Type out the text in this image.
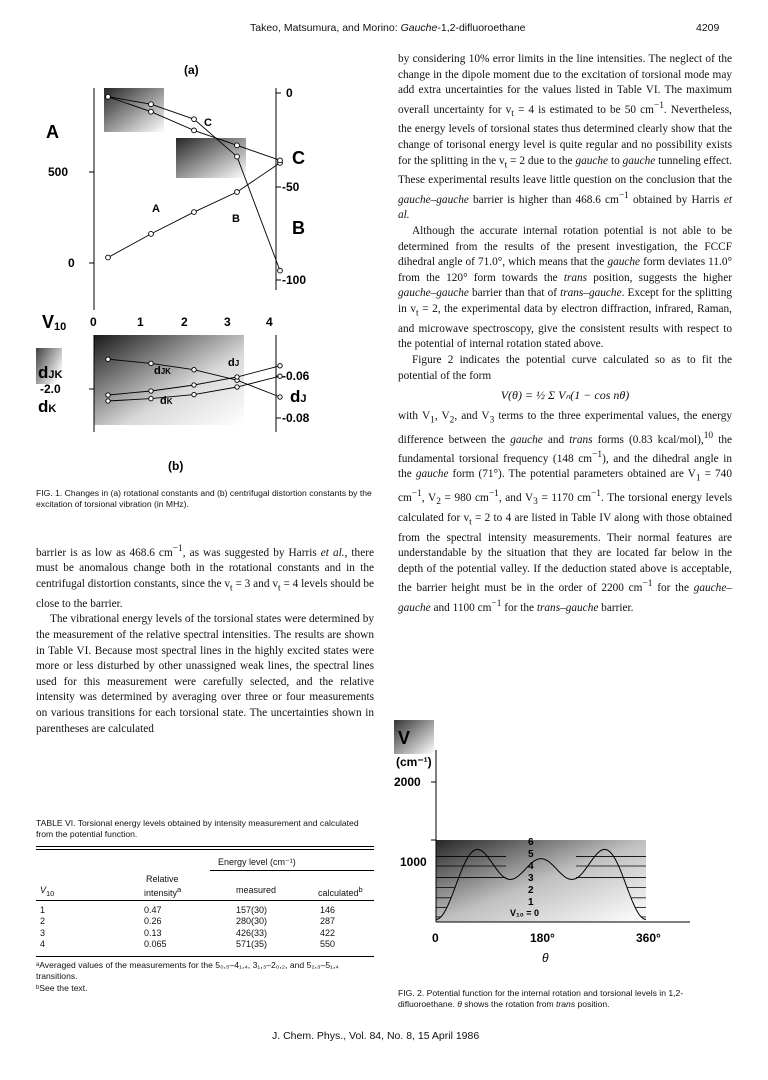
Takeo, Matsumura, and Morino: Gauche-1,2-difluoroethane	4209
(a)
A
500
0
0
-50
-100
C
B
C
B
A
V10 0	1	2	3	4
dJK
-2.0
dK
-0.06
-0.08
dJ
dJ
dJK
dK
(b)
FIG. 1. Changes in (a) rotational constants and (b) centrifugal distortion constants by the excitation of torsional vibration (in MHz).

barrier is as low as 468.6 $cm^{-1}$, as was suggested by Harris et al., there must be anomalous change both in the rotational constants and in the centrifugal distortion constants, since the $v_t = 3$ and $v_t = 4$ levels should be close to the barrier.

The vibrational energy levels of the torsional states were determined by the measurement of the relative spectral intensities. The results are shown in Table VI. Because most spectral lines in the highly excited states were more or less disturbed by other unassigned weak lines, the spectral lines used for this measurement were carefully selected, and the relative intensity was determined by averaging over three or four measurements on various transitions for each torsional state. The uncertainties shown in parentheses are calculated

TABLE VI. Torsional energy levels obtained by intensity measurement and calculated from the potential function.
Energy level (cm⁻¹)
Relative
$V_{10}$	intensity$^a$	measured	calculated$^b$
1	0.47	157(30)	146
2	0.26	280(30)	287
3	0.13	426(33)	422
4	0.065	571(35)	550
ᵃAveraged values of the measurements for the 5₀,₅–4₁,₄, 3₁,₃–2₀,₂, and 5₂,₃–5₁,₄ transitions.
ᵇSee the text.

by considering 10% error limits in the line intensities. The neglect of the change in the dipole moment due to the excitation of torsional mode may add extra uncertainties for the values listed in Table VI. The maximum overall uncertainty for $v_t = 4$ is estimated to be 50 $cm^{-1}$. Nevertheless, the energy levels of torsional states thus determined clearly show that the change of torisonal energy level is quite regular and no possibility exists for the splitting in the $v_t = 2$ due to the gauche to gauche tunneling effect. These experimental results leave little question on the conclusion that the gauche–gauche barrier is higher than 468.6 $cm^{-1}$ obtained by Harris et al.

Although the accurate internal rotation potential is not able to be determined from the results of the present investigation, the FCCF dihedral angle of 71.0°, which means that the gauche form deviates 11.0° from the 120° form towards the trans position, suggests the higher gauche–gauche barrier than that of trans–gauche. Except for the splitting in $v_t = 2$, the experimental data by electron diffraction, infrared, Raman, and microwave spectroscopy, give the consistent results with respect to the potential of internal rotation stated above.

Figure 2 indicates the potential curve calculated so as to fit the potential of the form

V(θ) = ½ Σ Vₙ(1 − cos nθ)

with $V_1$, $V_2$, and $V_3$ terms to the three experimental values, the energy difference between the gauche and trans forms (0.83 kcal/mol),$^{10}$ the fundamental torsional frequency (148 $cm^{-1}$), and the dihedral angle in the gauche form (71°). The potential parameters obtained are $V_1 = 740$ $cm^{-1}$, $V_2 = 980$ $cm^{-1}$, and $V_3 = 1170$ $cm^{-1}$. The torsional energy levels calculated for $v_t = 2$ to 4 are listed in Table IV along with those obtained from the spectral intensity measurements. Their normal features are understandable by the situation that they are located far below in the depth of the potential valley. If the deduction stated above is acceptable, the barrier height must be in the order of 2200 $cm^{-1}$ for the gauche–gauche and 1100 $cm^{-1}$ for the trans–gauche barrier.

V
(cm⁻¹)
2000
1000
0	180°	360°
θ
6
5
4
3
2
1
V₁₀ = 0
FIG. 2. Potential function for the internal rotation and torsional levels in 1,2-difluoroethane. θ shows the rotation from trans position.
J. Chem. Phys., Vol. 84, No. 8, 15 April 1986
